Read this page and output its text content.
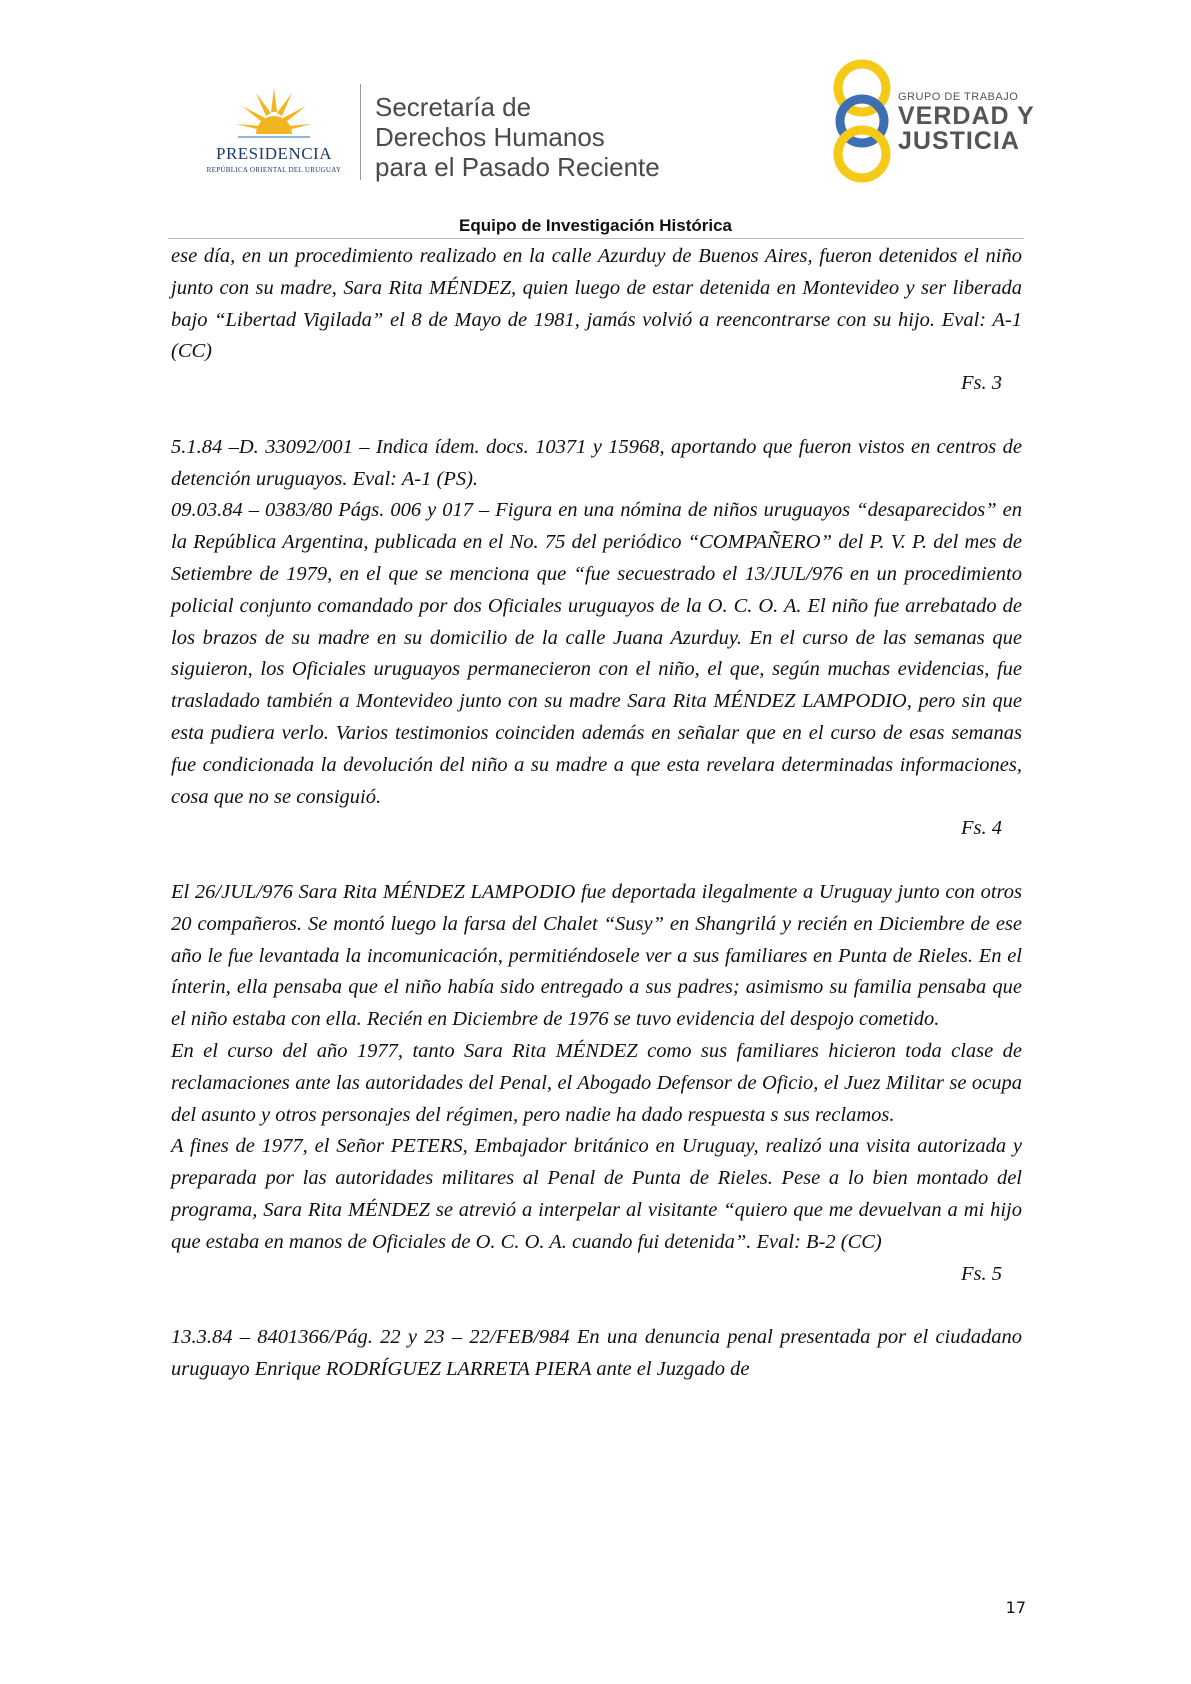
PRESIDENCIA
REPÚBLICA ORIENTAL DEL URUGUAY
Secretaría de
Derechos Humanos
para el Pasado Reciente
GRUPO DE TRABAJO
VERDAD Y
JUSTICIA
Equipo de Investigación Histórica

ese día, en un procedimiento realizado en la calle Azurduy de Buenos Aires, fueron detenidos el niño junto con su madre, Sara Rita MÉNDEZ, quien luego de estar detenida en Montevideo y ser liberada bajo “Libertad Vigilada” el 8 de Mayo de 1981, jamás volvió a reencontrarse con su hijo. Eval: A-1 (CC)

Fs. 3

5.1.84 –D. 33092/001 – Indica ídem. docs. 10371 y 15968, aportando que fueron vistos en centros de detención uruguayos. Eval: A-1 (PS).

09.03.84 – 0383/80 Págs. 006 y 017 – Figura en una nómina de niños uruguayos “desaparecidos” en la República Argentina, publicada en el No. 75 del periódico “COMPAÑERO” del P. V. P. del mes de Setiembre de 1979, en el que se menciona que “fue secuestrado el 13/JUL/976 en un procedimiento policial conjunto comandado por dos Oficiales uruguayos de la O. C. O. A. El niño fue arrebatado de los brazos de su madre en su domicilio de la calle Juana Azurduy. En el curso de las semanas que siguieron, los Oficiales uruguayos permanecieron con el niño, el que, según muchas evidencias, fue trasladado también a Montevideo junto con su madre Sara Rita MÉNDEZ LAMPODIO, pero sin que esta pudiera verlo. Varios testimonios coinciden además en señalar que en el curso de esas semanas fue condicionada la devolución del niño a su madre a que esta revelara determinadas informaciones, cosa que no se consiguió.

Fs. 4

El 26/JUL/976 Sara Rita MÉNDEZ LAMPODIO fue deportada ilegalmente a Uruguay junto con otros 20 compañeros. Se montó luego la farsa del Chalet “Susy” en Shangrilá y recién en Diciembre de ese año le fue levantada la incomunicación, permitiéndosele ver a sus familiares en Punta de Rieles. En el ínterin, ella pensaba que el niño había sido entregado a sus padres; asimismo su familia pensaba que el niño estaba con ella. Recién en Diciembre de 1976 se tuvo evidencia del despojo cometido.

En el curso del año 1977, tanto Sara Rita MÉNDEZ como sus familiares hicieron toda clase de reclamaciones ante las autoridades del Penal, el Abogado Defensor de Oficio, el Juez Militar se ocupa del asunto y otros personajes del régimen, pero nadie ha dado respuesta s sus reclamos.

A fines de 1977, el Señor PETERS, Embajador británico en Uruguay, realizó una visita autorizada y preparada por las autoridades militares al Penal de Punta de Rieles. Pese a lo bien montado del programa, Sara Rita MÉNDEZ se atrevió a interpelar al visitante “quiero que me devuelvan a mi hijo que estaba en manos de Oficiales de O. C. O. A. cuando fui detenida”. Eval: B-2 (CC)

Fs. 5

13.3.84 – 8401366/Pág. 22 y 23 – 22/FEB/984 En una denuncia penal presentada por el ciudadano uruguayo Enrique RODRÍGUEZ LARRETA PIERA ante el Juzgado de

17
